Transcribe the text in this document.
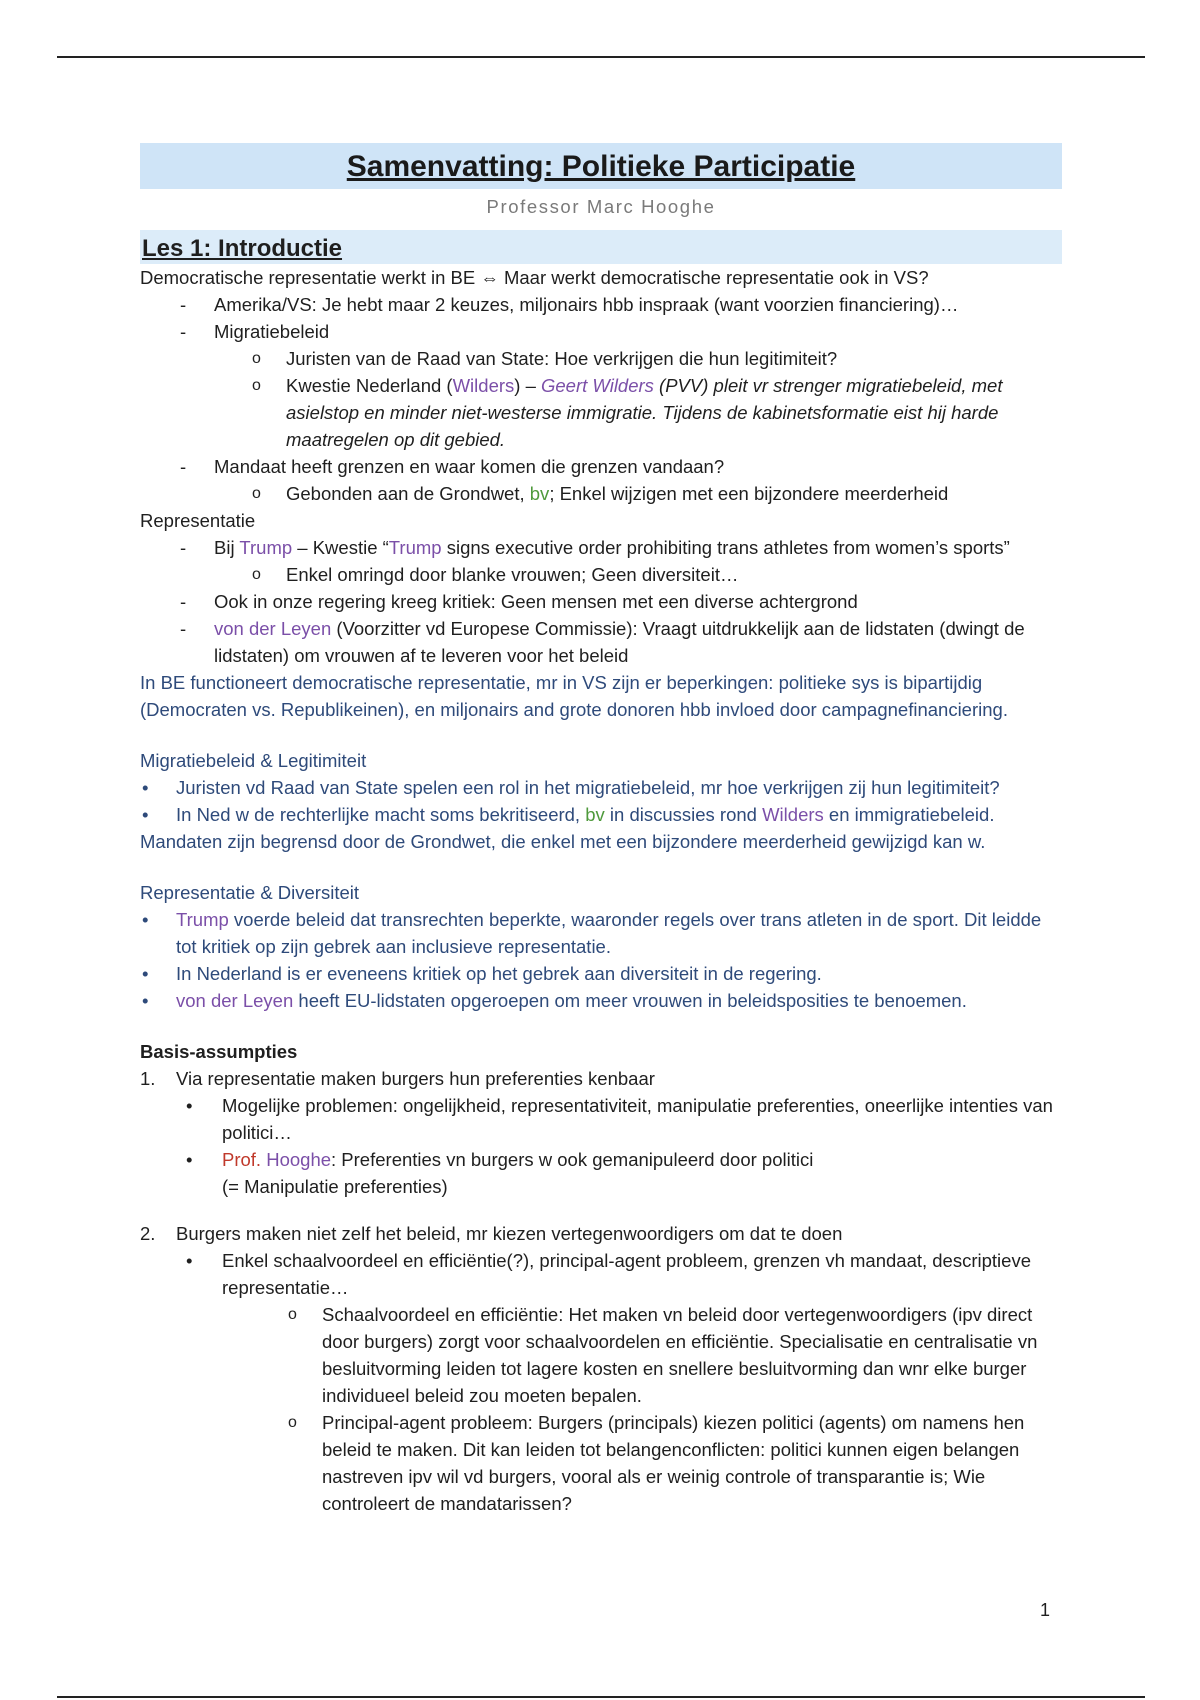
Samenvatting: Politieke Participatie
Professor Marc Hooghe
Les 1: Introductie
Democratische representatie werkt in BE ⇔ Maar werkt democratische representatie ook in VS?
- Amerika/VS: Je hebt maar 2 keuzes, miljonairs hbb inspraak (want voorzien financiering)…
- Migratiebeleid
o Juristen van de Raad van State: Hoe verkrijgen die hun legitimiteit?
o Kwestie Nederland (Wilders) – Geert Wilders (PVV) pleit vr strenger migratiebeleid, met asielstop en minder niet-westerse immigratie. Tijdens de kabinetsformatie eist hij harde maatregelen op dit gebied.
- Mandaat heeft grenzen en waar komen die grenzen vandaan?
o Gebonden aan de Grondwet, bv; Enkel wijzigen met een bijzondere meerderheid
Representatie
- Bij Trump – Kwestie “Trump signs executive order prohibiting trans athletes from women’s sports”
o Enkel omringd door blanke vrouwen; Geen diversiteit…
- Ook in onze regering kreeg kritiek: Geen mensen met een diverse achtergrond
- von der Leyen (Voorzitter vd Europese Commissie): Vraagt uitdrukkelijk aan de lidstaten (dwingt de lidstaten) om vrouwen af te leveren voor het beleid
In BE functioneert democratische representatie, mr in VS zijn er beperkingen: politieke sys is bipartijdig (Democraten vs. Republikeinen), en miljonairs and grote donoren hbb invloed door campagnefinanciering.
Migratiebeleid & Legitimiteit
• Juristen vd Raad van State spelen een rol in het migratiebeleid, mr hoe verkrijgen zij hun legitimiteit?
• In Ned w de rechterlijke macht soms bekritiseerd, bv in discussies rond Wilders en immigratiebeleid.
Mandaten zijn begrensd door de Grondwet, die enkel met een bijzondere meerderheid gewijzigd kan w.
Representatie & Diversiteit
• Trump voerde beleid dat transrechten beperkte, waaronder regels over trans atleten in de sport. Dit leidde tot kritiek op zijn gebrek aan inclusieve representatie.
• In Nederland is er eveneens kritiek op het gebrek aan diversiteit in de regering.
• von der Leyen heeft EU-lidstaten opgeroepen om meer vrouwen in beleidsposities te benoemen.
Basis-assumpties
1. Via representatie maken burgers hun preferenties kenbaar
• Mogelijke problemen: ongelijkheid, representativiteit, manipulatie preferenties, oneerlijke intenties van politici…
• Prof. Hooghe: Preferenties vn burgers w ook gemanipuleerd door politici
(= Manipulatie preferenties)
2. Burgers maken niet zelf het beleid, mr kiezen vertegenwoordigers om dat te doen
• Enkel schaalvoordeel en efficiëntie(?), principal-agent probleem, grenzen vh mandaat, descriptieve representatie…
o Schaalvoordeel en efficiëntie: Het maken vn beleid door vertegenwoordigers (ipv direct door burgers) zorgt voor schaalvoordelen en efficiëntie. Specialisatie en centralisatie vn besluitvorming leiden tot lagere kosten en snellere besluitvorming dan wnr elke burger individueel beleid zou moeten bepalen.
o Principal-agent probleem: Burgers (principals) kiezen politici (agents) om namens hen beleid te maken. Dit kan leiden tot belangenconflicten: politici kunnen eigen belangen nastreven ipv wil vd burgers, vooral als er weinig controle of transparantie is; Wie controleert de mandatarissen?
1
